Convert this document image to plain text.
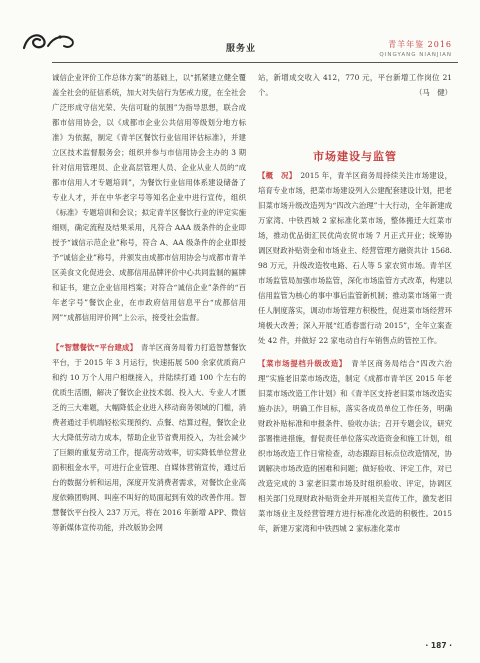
服务业	青羊年鉴 2016
QINGYANG NIANJIAN

诚信企业评价工作总体方案”的基础上，以“抓紧建立健全覆盖全社会的征信系统，加大对失信行为惩戒力度，在全社会广泛形成守信光荣、失信可耻的氛围”为指导思想，联合成都市信用协会，以《成都市企业公共信用等级划分地方标准》为依据，制定《青羊区餐饮行业信用评估标准》，并建立区技术监督服务会；组织并参与市信用协会主办的 3 期针对信用管理员、企业高层管理人员、企业从业人员的“成都市信用人才专题培训”，为餐饮行业信用体系建设储备了专业人才，并在中华老字号等知名企业中进行宣传，组织《标准》专题培训和会议；拟定青羊区餐饮行业的评定实施细则，确定流程及结果采用，凡符合 AAA 级条件的企业即授予“诚信示范企业”称号，符合 A、AA 级条件的企业即授予“诚信企业”称号，并颁发由成都市信用协会与成都市青羊区美食文化促进会、成都信用品牌评价中心共同监制的匾牌和证书，建立企业信用档案；对符合“诚信企业”条件的“百年老字号”餐饮企业，在市政府信用信息平台“成都信用网”“成都信用评价网”上公示，接受社会监督。

【“智慧餐饮”平台建成】　 青羊区商务局着力打造智慧餐饮平台，于 2015 年 3 月运行，快速拓展 500 余家优质商户和约 10 万个人用户相继接入，并陆续打通 100 个左右的优质生活圈，解决了餐饮企业技术弱、投入大、专业人才匮乏的三大难题，大幅降低企业进入移动商务领域的门槛，消费者通过手机端轻松实现预约、点餐、结算过程，餐饮企业大大降低劳动力成本，帮助企业节省费用投入，为社会减少了巨额的重复劳动工作，提高劳动效率，切实降低单位营业面积租金水平，可进行企业管理、自媒体营销宣传，通过后台的数据分析和运用，深度开发消费者需求，对餐饮企业高度依赖团购网、叫座不叫好的局面起到有效的改善作用。智慧餐饮平台投入 237 万元，将在 2016 年新增 APP、微信等新媒体宣传功能，并改版协会网

站，新增成交收入 412，770 元，平台新增工作岗位 21 个。	（马　健）

市场建设与监管

【概　况】　 2015 年，青羊区商务局持续关注市场建设，培育专业市场，把菜市场建设列入公建配套建设计划，把老旧菜市场升级改造列为“四改六治理”十大行动，全年新建成万家湾、中铁西城 2 家标准化菜市场，整体搬迁大红菜市场，推动优品街汇民优尚农贸市场 7 月正式开业；统筹协调区财政补贴资金和市场业主、经营管理方融资共计 1568. 98 万元，升级改造牧电路、石人等 5 家农贸市场。青羊区市场监管局加强市场监管，深化市场监管方式改革，构建以信用监管为核心的事中事后监管新机制；推动菜市场第一责任人制度落实，调动市场管理方积极性，促进菜市场经营环境极大改善；深入开展“红盾春雷行动 2015”，全年立案查处 42 件，并做好 22 家电动自行车销售点的管控工作。

【菜市场提档升级改造】　 青羊区商务局结合“四改六治理”实施老旧菜市场改造，制定《成都市青羊区 2015 年老旧菜市场改造工作计划》和《青羊区支持老旧菜市场改造实施办法》，明确工作目标，落实各成员单位工作任务，明确财政补贴标准和申报条件、验收办法；召开专题会议，研究部署推进措施，督促责任单位落实改造资金和施工计划，组织市场改造工作日常检查，动态跟踪目标点位改造情况，协调解决市场改造的困难和问题；做好验收、评定工作，对已改造完成的 3 家老旧菜市场及时组织验收、评定，协调区相关部门兑现财政补贴资金并开展相关宣传工作，激发老旧菜市场业主及经营管理方进行标准化改造的积极性。2015 年，新建万家湾和中铁西城 2 家标准化菜市

· 187 ·
